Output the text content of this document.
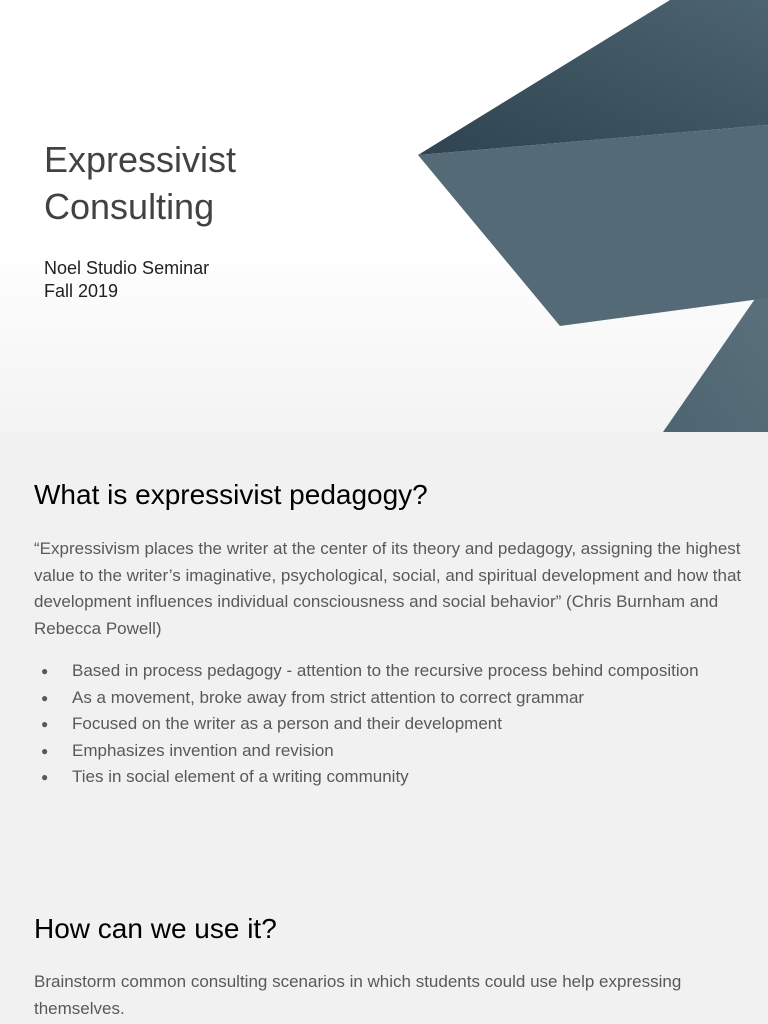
Expressivist Consulting
Noel Studio Seminar
Fall 2019
What is expressivist pedagogy?

“Expressivism places the writer at the center of its theory and pedagogy, assigning the highest value to the writer’s imaginative, psychological, social, and spiritual development and how that development influences individual consciousness and social behavior” (Chris Burnham and Rebecca Powell)

● Based in process pedagogy - attention to the recursive process behind composition
● As a movement, broke away from strict attention to correct grammar
● Focused on the writer as a person and their development
● Emphasizes invention and revision
● Ties in social element of a writing community
How can we use it?

Brainstorm common consulting scenarios in which students could use help expressing themselves.
